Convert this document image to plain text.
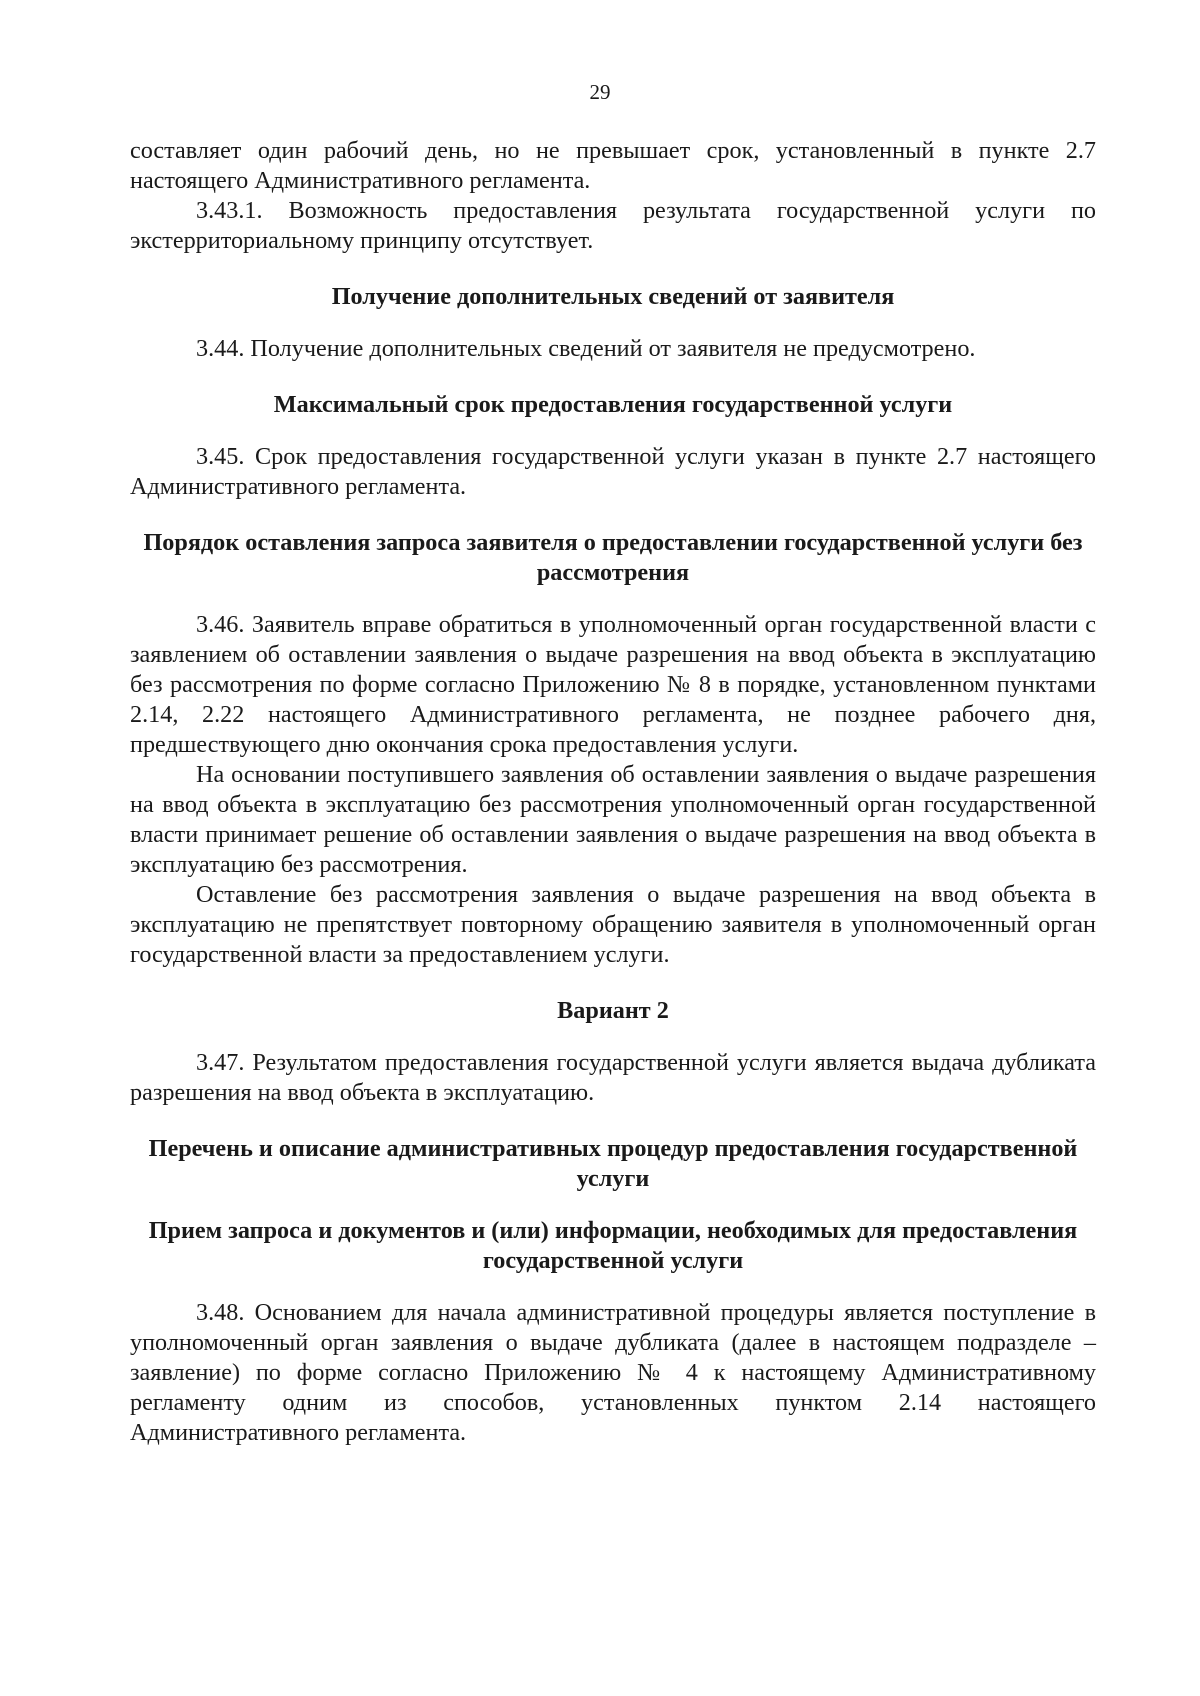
29

составляет один рабочий день, но не превышает срок, установленный в пункте 2.7 настоящего Административного регламента.

3.43.1. Возможность предоставления результата государственной услуги по экстерриториальному принципу отсутствует.

Получение дополнительных сведений от заявителя

3.44. Получение дополнительных сведений от заявителя не предусмотрено.

Максимальный срок предоставления государственной услуги

3.45. Срок предоставления государственной услуги указан в пункте 2.7 настоящего Административного регламента.

Порядок оставления запроса заявителя о предоставлении государственной услуги без рассмотрения

3.46. Заявитель вправе обратиться в уполномоченный орган государственной власти с заявлением об оставлении заявления о выдаче разрешения на ввод объекта в эксплуатацию без рассмотрения по форме согласно Приложению № 8 в порядке, установленном пунктами 2.14, 2.22 настоящего Административного регламента, не позднее рабочего дня, предшествующего дню окончания срока предоставления услуги.

На основании поступившего заявления об оставлении заявления о выдаче разрешения на ввод объекта в эксплуатацию без рассмотрения уполномоченный орган государственной власти принимает решение об оставлении заявления о выдаче разрешения на ввод объекта в эксплуатацию без рассмотрения.

Оставление без рассмотрения заявления о выдаче разрешения на ввод объекта в эксплуатацию не препятствует повторному обращению заявителя в уполномоченный орган государственной власти за предоставлением услуги.

Вариант 2

3.47. Результатом предоставления государственной услуги является выдача дубликата разрешения на ввод объекта в эксплуатацию.

Перечень и описание административных процедур предоставления государственной услуги

Прием запроса и документов и (или) информации, необходимых для предоставления государственной услуги

3.48. Основанием для начала административной процедуры является поступление в уполномоченный орган заявления о выдаче дубликата (далее в настоящем подразделе – заявление) по форме согласно Приложению № 4 к настоящему Административному регламенту одним из способов, установленных пунктом 2.14 настоящего Административного регламента.
